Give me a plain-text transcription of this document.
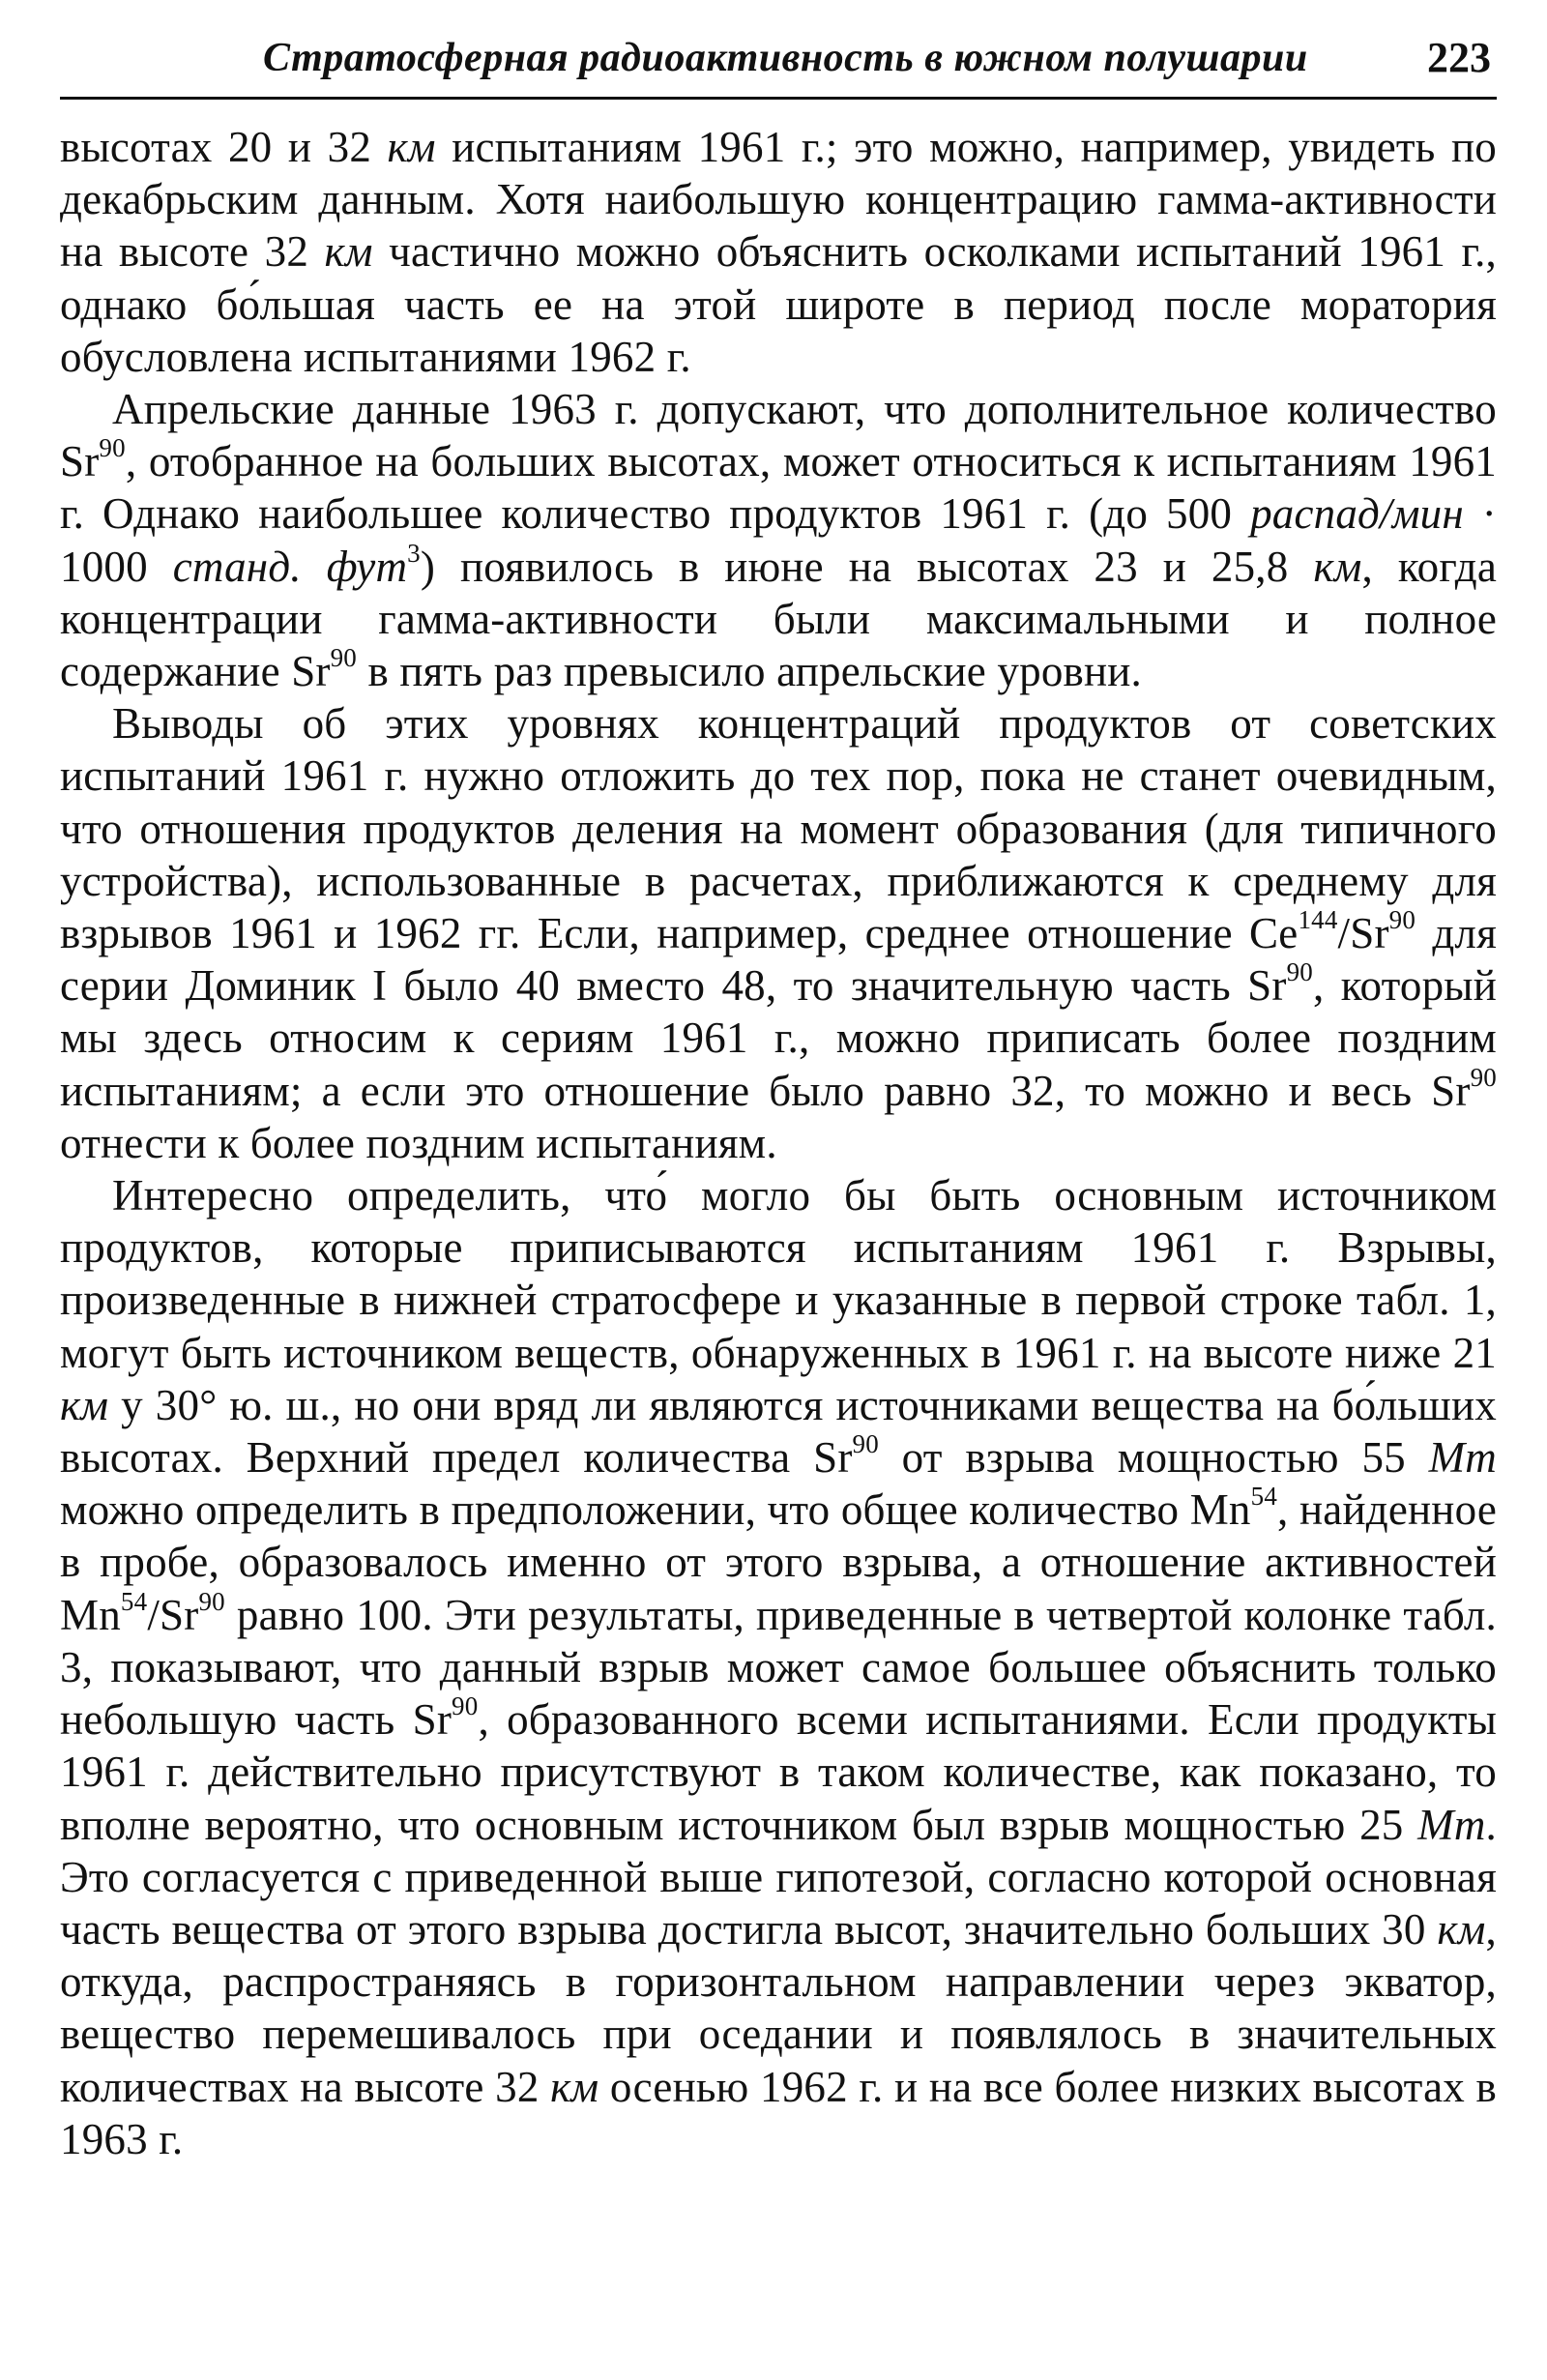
Стратосферная радиоактивность в южном полушарии	223

высотах 20 и 32 км испытаниям 1961 г.; это можно, например, увидеть по декабрьским данным. Хотя наибольшую концентрацию гамма-активности на высоте 32 км частично можно объяснить осколками испытаний 1961 г., однако бо́льшая часть ее на этой широте в период после моратория обусловлена испытаниями 1962 г.

Апрельские данные 1963 г. допускают, что дополнительное количество Sr$^{90}$, отобранное на больших высотах, может относиться к испытаниям 1961 г. Однако наибольшее количество продуктов 1961 г. (до 500 распад/мин · 1000 станд. фут$^3$) появилось в июне на высотах 23 и 25,8 км, когда концентрации гамма-активности были максимальными и полное содержание Sr$^{90}$ в пять раз превысило апрельские уровни.

Выводы об этих уровнях концентраций продуктов от советских испытаний 1961 г. нужно отложить до тех пор, пока не станет очевидным, что отношения продуктов деления на момент образования (для типичного устройства), использованные в расчетах, приближаются к среднему для взрывов 1961 и 1962 гг. Если, например, среднее отношение Ce$^{144}$/Sr$^{90}$ для серии Доминик I было 40 вместо 48, то значительную часть Sr$^{90}$, который мы здесь относим к сериям 1961 г., можно приписать более поздним испытаниям; а если это отношение было равно 32, то можно и весь Sr$^{90}$ отнести к более поздним испытаниям.

Интересно определить, что́ могло бы быть основным источником продуктов, которые приписываются испытаниям 1961 г. Взрывы, произведенные в нижней стратосфере и указанные в первой строке табл. 1, могут быть источником веществ, обнаруженных в 1961 г. на высоте ниже 21 км у 30° ю. ш., но они вряд ли являются источниками вещества на бо́льших высотах. Верхний предел количества Sr$^{90}$ от взрыва мощностью 55 Мт можно определить в предположении, что общее количество Mn$^{54}$, найденное в пробе, образовалось именно от этого взрыва, а отношение активностей Mn$^{54}$/Sr$^{90}$ равно 100. Эти результаты, приведенные в четвертой колонке табл. 3, показывают, что данный взрыв может самое большее объяснить только небольшую часть Sr$^{90}$, образованного всеми испытаниями. Если продукты 1961 г. действительно присутствуют в таком количестве, как показано, то вполне вероятно, что основным источником был взрыв мощностью 25 Мт. Это согласуется с приведенной выше гипотезой, согласно которой основная часть вещества от этого взрыва достигла высот, значительно больших 30 км, откуда, распространяясь в горизонтальном направлении через экватор, вещество перемешивалось при оседании и появлялось в значительных количествах на высоте 32 км осенью 1962 г. и на все более низких высотах в 1963 г.
